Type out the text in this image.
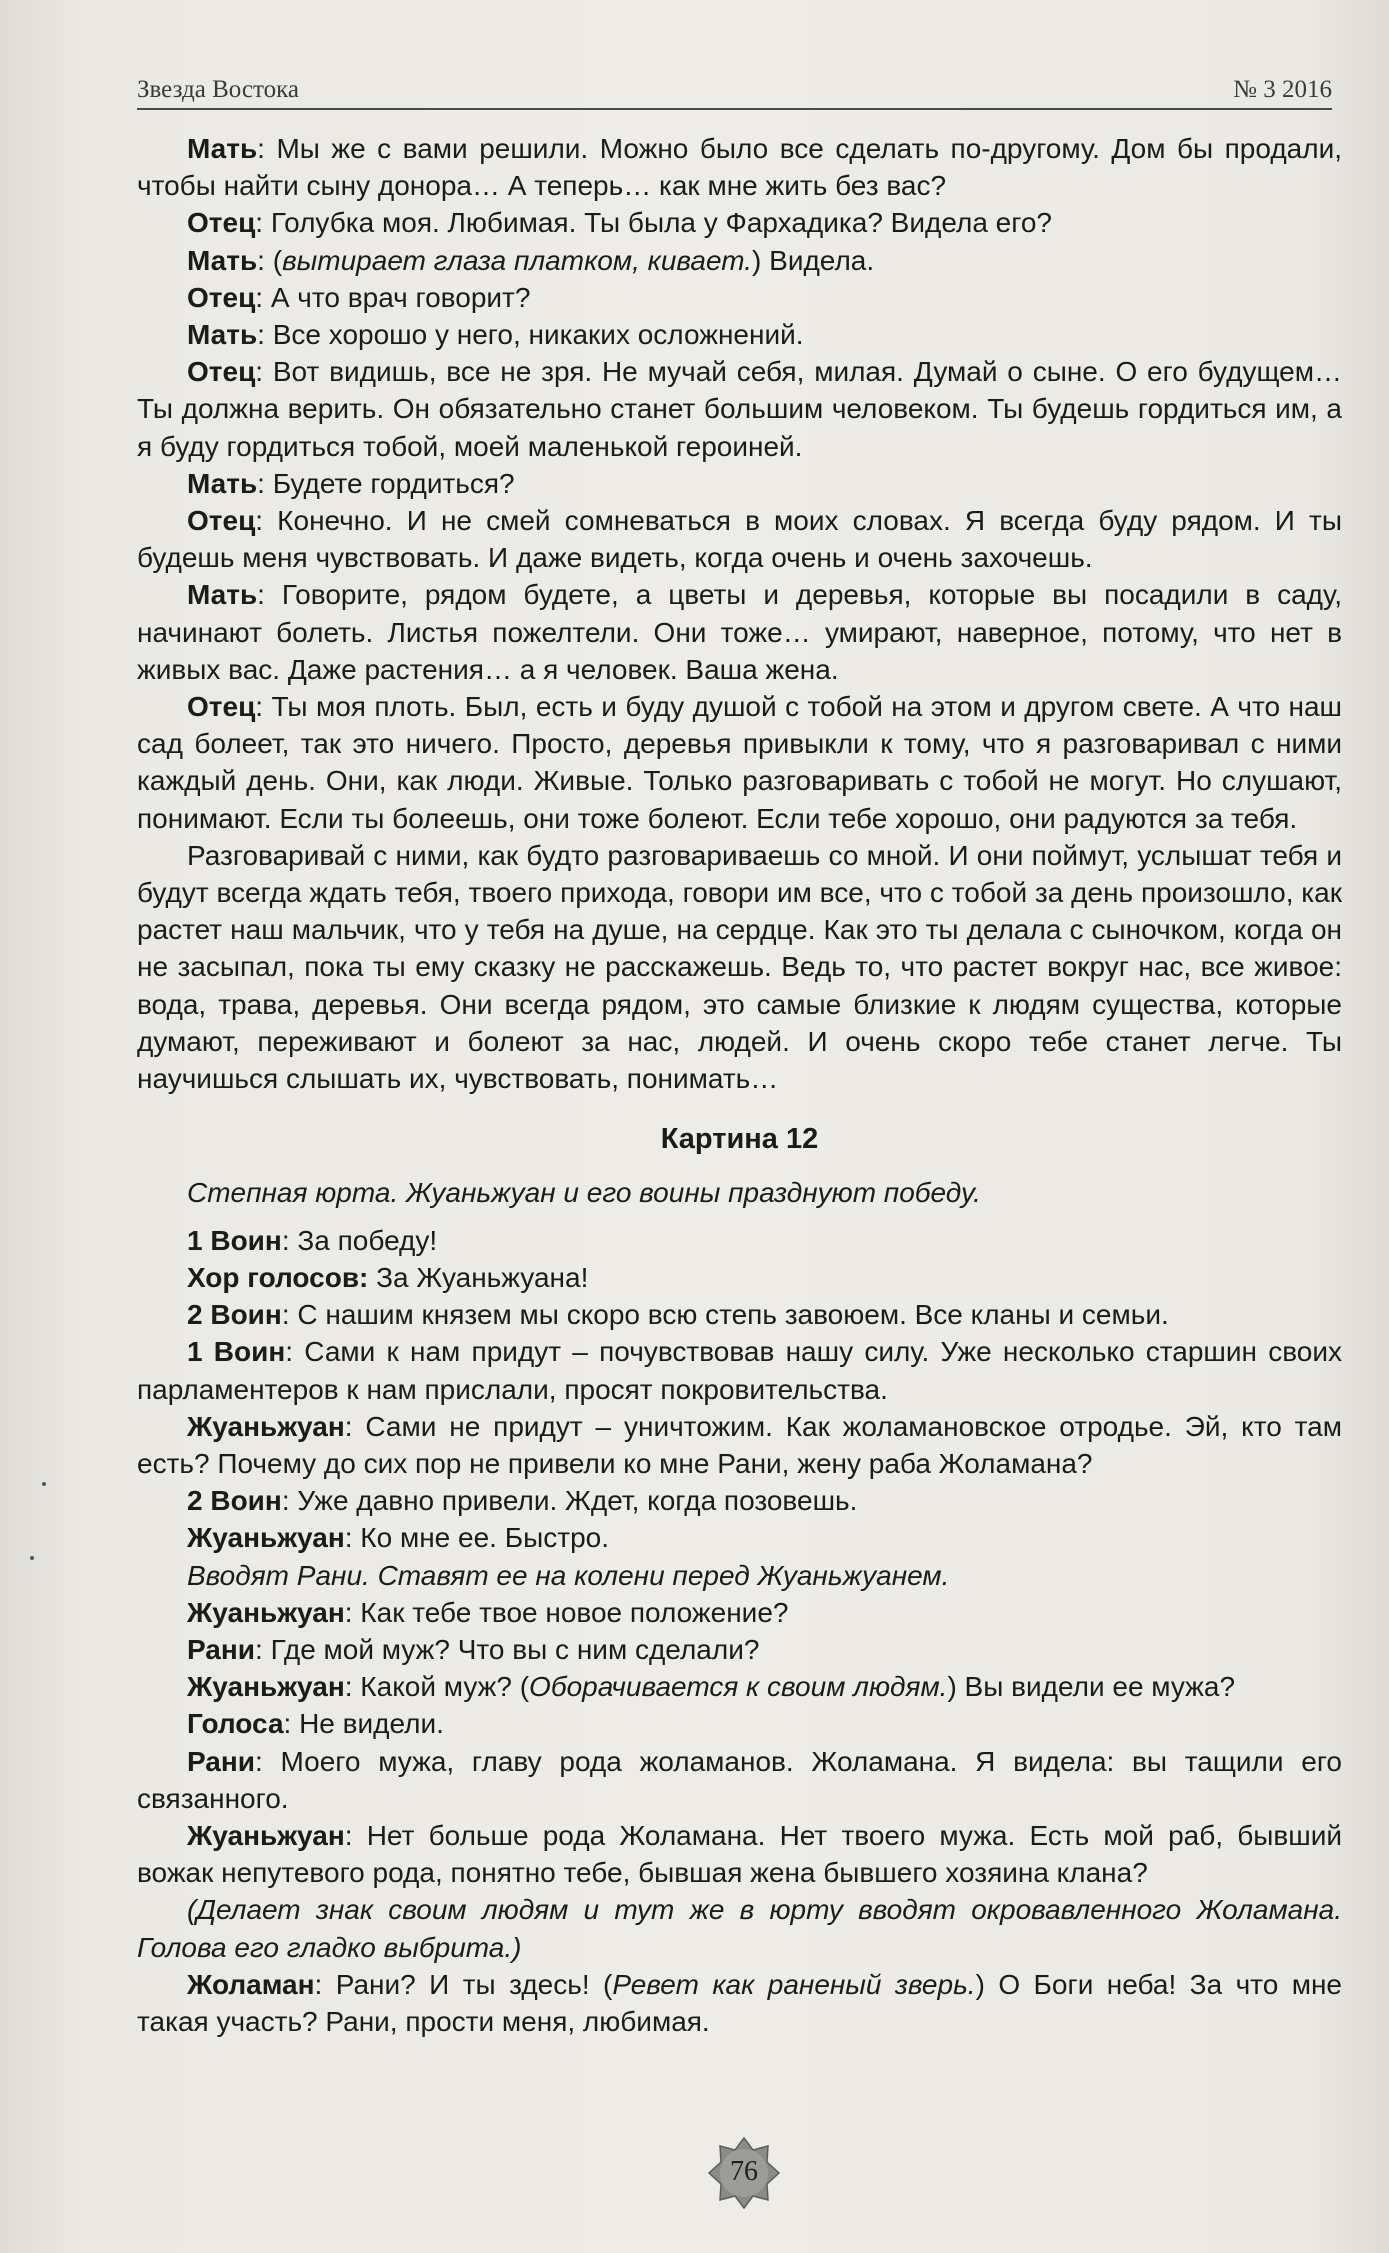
Звезда Востока	№ 3 2016

Мать: Мы же с вами решили. Можно было все сделать по-другому. Дом бы продали, чтобы найти сыну донора… А теперь… как мне жить без вас?

Отец: Голубка моя. Любимая. Ты была у Фархадика? Видела его?

Мать: (вытирает глаза платком, кивает.) Видела.

Отец: А что врач говорит?

Мать: Все хорошо у него, никаких осложнений.

Отец: Вот видишь, все не зря. Не мучай себя, милая. Думай о сыне. О его будущем… Ты должна верить. Он обязательно станет большим человеком. Ты будешь гордиться им, а я буду гордиться тобой, моей маленькой героиней.

Мать: Будете гордиться?

Отец: Конечно. И не смей сомневаться в моих словах. Я всегда буду рядом. И ты будешь меня чувствовать. И даже видеть, когда очень и очень захочешь.

Мать: Говорите, рядом будете, а цветы и деревья, которые вы посадили в саду, начинают болеть. Листья пожелтели. Они тоже… умирают, наверное, потому, что нет в живых вас. Даже растения… а я человек. Ваша жена.

Отец: Ты моя плоть. Был, есть и буду душой с тобой на этом и другом свете. А что наш сад болеет, так это ничего. Просто, деревья привыкли к тому, что я разговаривал с ними каждый день. Они, как люди. Живые. Только разговаривать с тобой не могут. Но слушают, понимают. Если ты болеешь, они тоже болеют. Если тебе хорошо, они радуются за тебя.

Разговаривай с ними, как будто разговариваешь со мной. И они поймут, услышат тебя и будут всегда ждать тебя, твоего прихода, говори им все, что с тобой за день произошло, как растет наш мальчик, что у тебя на душе, на сердце. Как это ты делала с сыночком, когда он не засыпал, пока ты ему сказку не расскажешь. Ведь то, что растет вокруг нас, все живое: вода, трава, деревья. Они всегда рядом, это самые близкие к людям существа, которые думают, переживают и болеют за нас, людей. И очень скоро тебе станет легче. Ты научишься слышать их, чувствовать, понимать…

Картина 12

Степная юрта. Жуаньжуан и его воины празднуют победу.

1 Воин: За победу!

Хор голосов: За Жуаньжуана!

2 Воин: С нашим князем мы скоро всю степь завоюем. Все кланы и семьи.

1 Воин: Сами к нам придут – почувствовав нашу силу. Уже несколько старшин своих парламентеров к нам прислали, просят покровительства.

Жуаньжуан: Сами не придут – уничтожим. Как жоламановское отродье. Эй, кто там есть? Почему до сих пор не привели ко мне Рани, жену раба Жоламана?

2 Воин: Уже давно привели. Ждет, когда позовешь.

Жуаньжуан: Ко мне ее. Быстро.

Вводят Рани. Ставят ее на колени перед Жуаньжуанем.

Жуаньжуан: Как тебе твое новое положение?

Рани: Где мой муж? Что вы с ним сделали?

Жуаньжуан: Какой муж? (Оборачивается к своим людям.) Вы видели ее мужа?

Голоса: Не видели.

Рани: Моего мужа, главу рода жоламанов. Жоламана. Я видела: вы тащили его связанного.

Жуаньжуан: Нет больше рода Жоламана. Нет твоего мужа. Есть мой раб, бывший вожак непутевого рода, понятно тебе, бывшая жена бывшего хозяина клана?

(Делает знак своим людям и тут же в юрту вводят окровавленного Жоламана. Голова его гладко выбрита.)

Жоламан: Рани? И ты здесь! (Ревет как раненый зверь.) О Боги неба! За что мне такая участь? Рани, прости меня, любимая.

76
